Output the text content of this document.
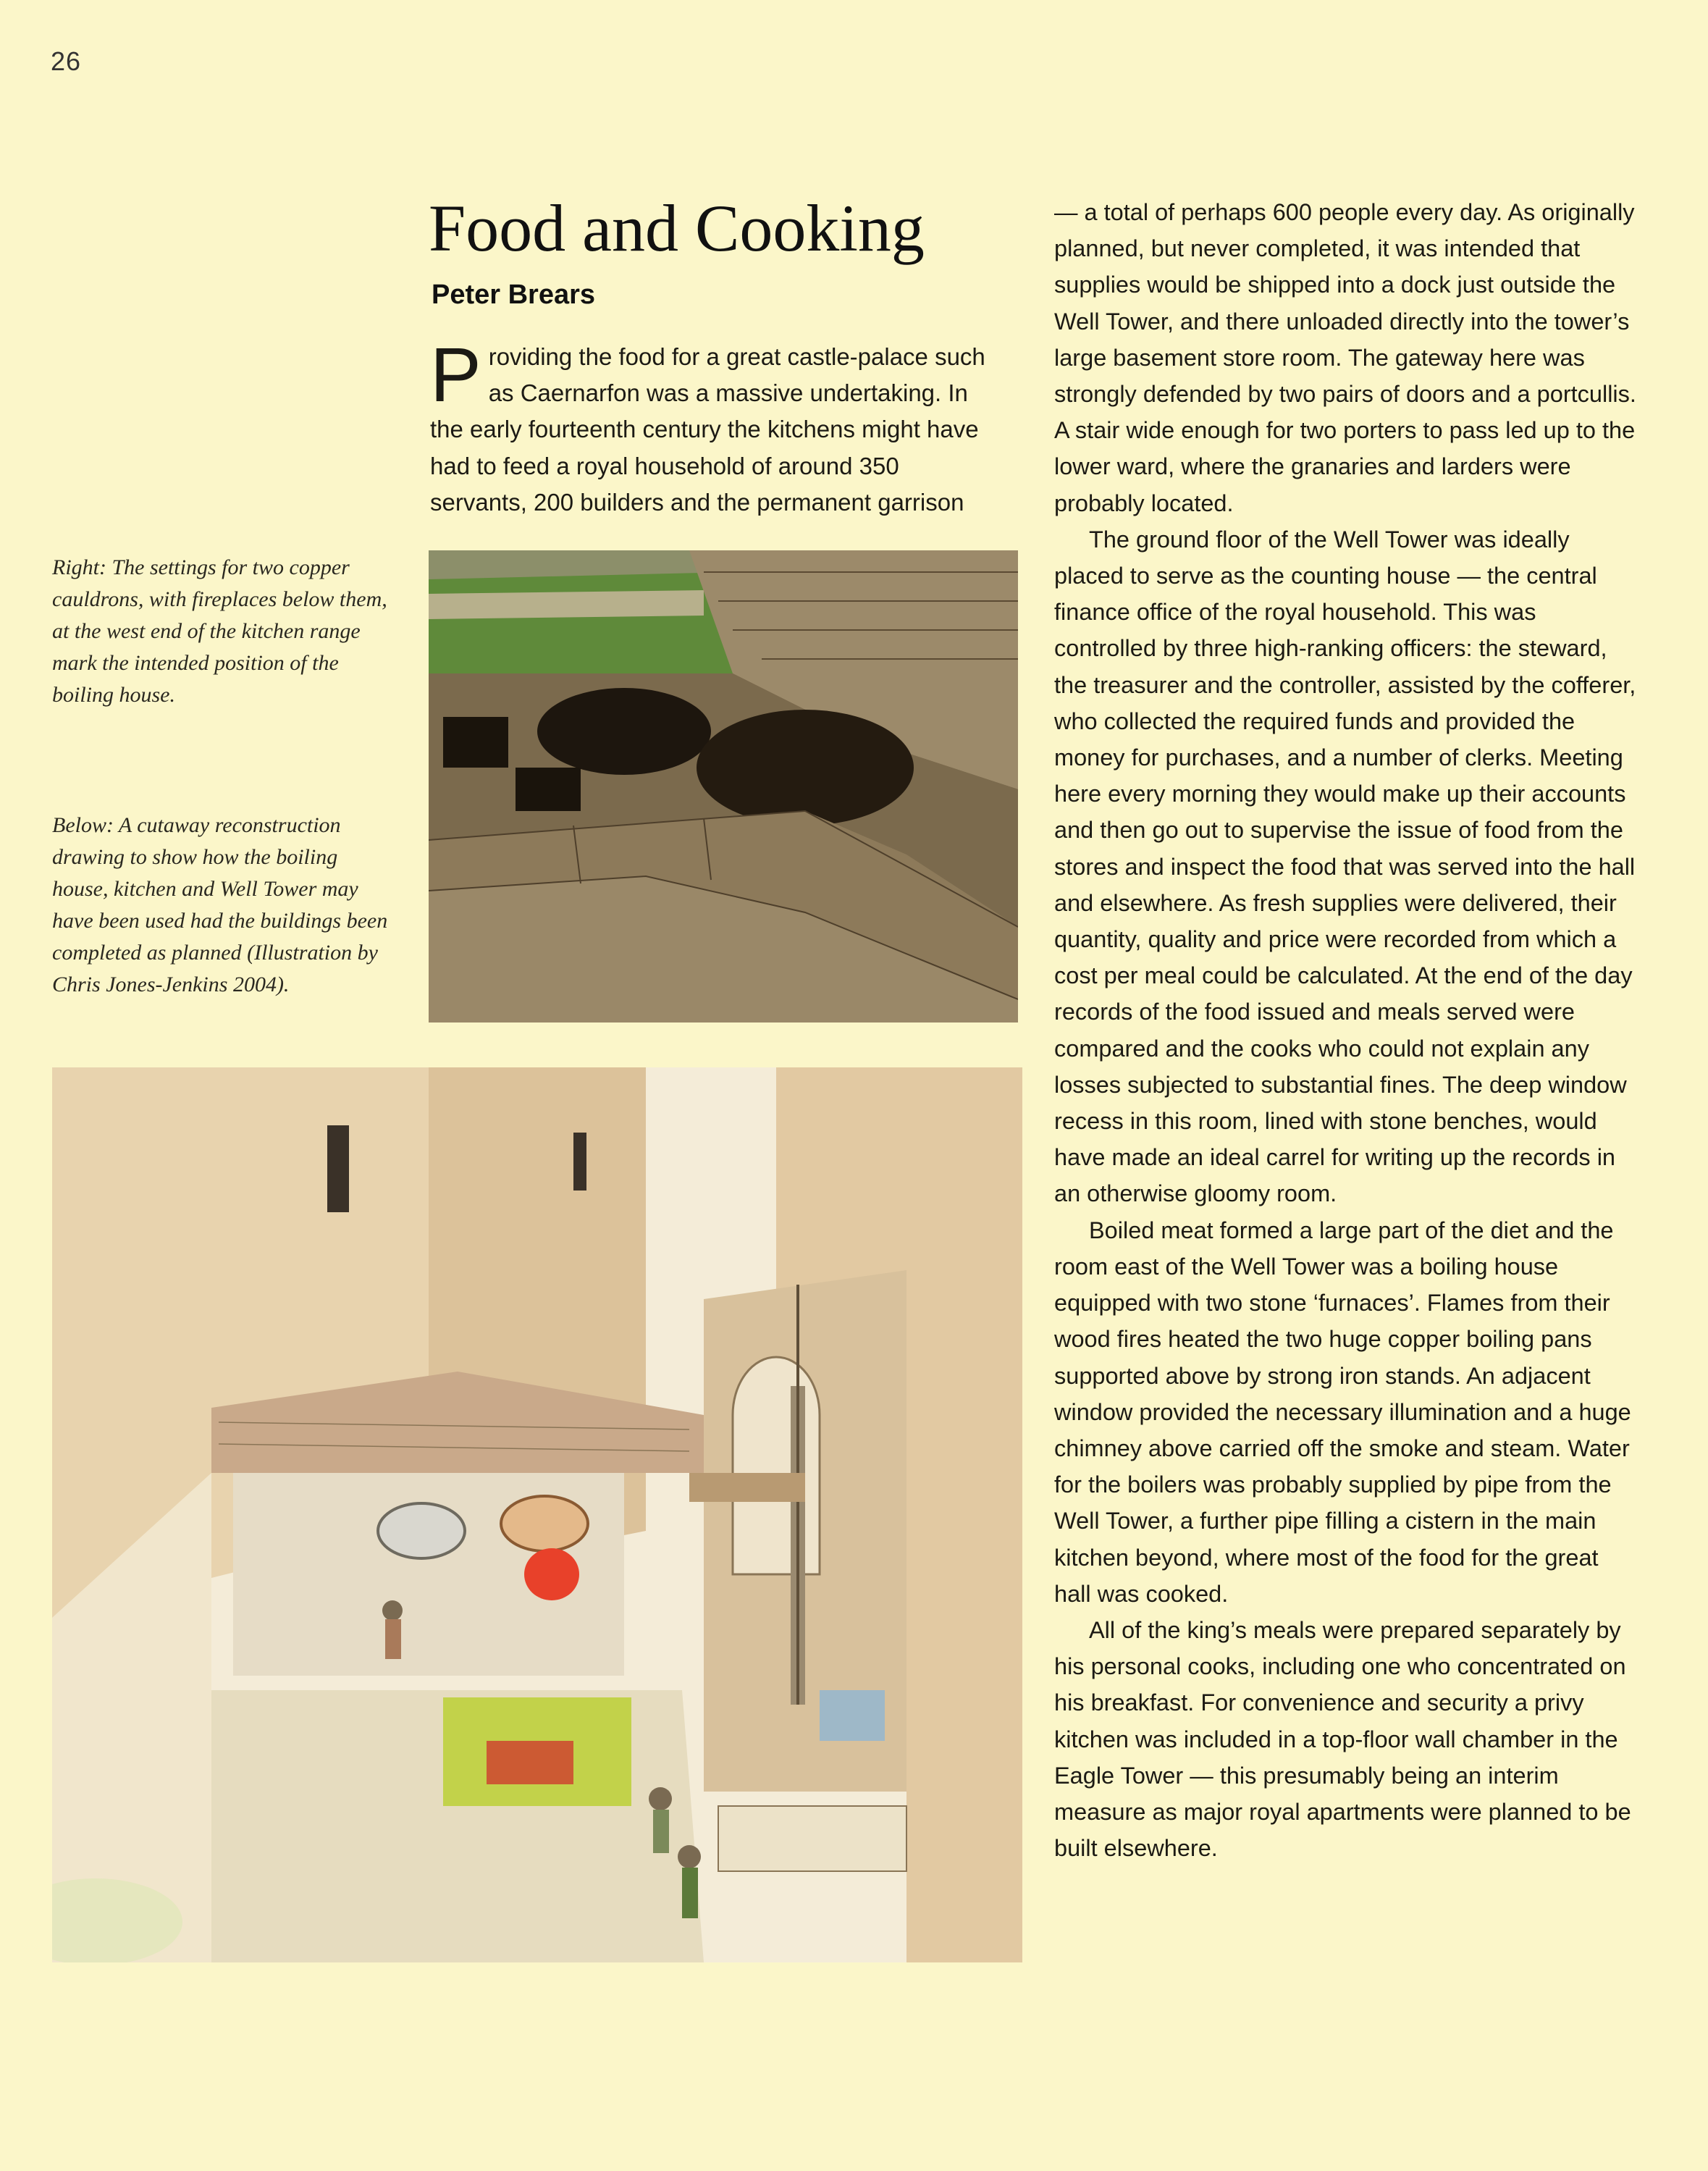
26
Food and Cooking
Peter Brears

Providing the food for a great castle-palace such as Caernarfon was a massive undertaking. In the early fourteenth century the kitchens might have had to feed a royal household of around 350 servants, 200 builders and the permanent garrison

Right: The settings for two copper cauldrons, with fireplaces below them, at the west end of the kitchen range mark the intended position of the boiling house.

Below: A cutaway reconstruction drawing to show how the boiling house, kitchen and Well Tower may have been used had the buildings been completed as planned (Illustration by Chris Jones-Jenkins 2004).

— a total of perhaps 600 people every day. As originally planned, but never completed, it was intended that supplies would be shipped into a dock just outside the Well Tower, and there unloaded directly into the tower’s large basement store room. The gateway here was strongly defended by two pairs of doors and a portcullis. A stair wide enough for two porters to pass led up to the lower ward, where the granaries and larders were probably located.

The ground floor of the Well Tower was ideally placed to serve as the counting house — the central finance office of the royal household. This was controlled by three high-ranking officers: the steward, the treasurer and the controller, assisted by the cofferer, who collected the required funds and provided the money for purchases, and a number of clerks. Meeting here every morning they would make up their accounts and then go out to supervise the issue of food from the stores and inspect the food that was served into the hall and elsewhere. As fresh supplies were delivered, their quantity, quality and price were recorded from which a cost per meal could be calculated. At the end of the day records of the food issued and meals served were compared and the cooks who could not explain any losses subjected to substantial fines. The deep window recess in this room, lined with stone benches, would have made an ideal carrel for writing up the records in an otherwise gloomy room.

Boiled meat formed a large part of the diet and the room east of the Well Tower was a boiling house equipped with two stone ‘furnaces’. Flames from their wood fires heated the two huge copper boiling pans supported above by strong iron stands. An adjacent window provided the necessary illumination and a huge chimney above carried off the smoke and steam. Water for the boilers was probably supplied by pipe from the Well Tower, a further pipe filling a cistern in the main kitchen beyond, where most of the food for the great hall was cooked.

All of the king’s meals were prepared separately by his personal cooks, including one who concentrated on his breakfast. For convenience and security a privy kitchen was included in a top-floor wall chamber in the Eagle Tower — this presumably being an interim measure as major royal apartments were planned to be built elsewhere.
